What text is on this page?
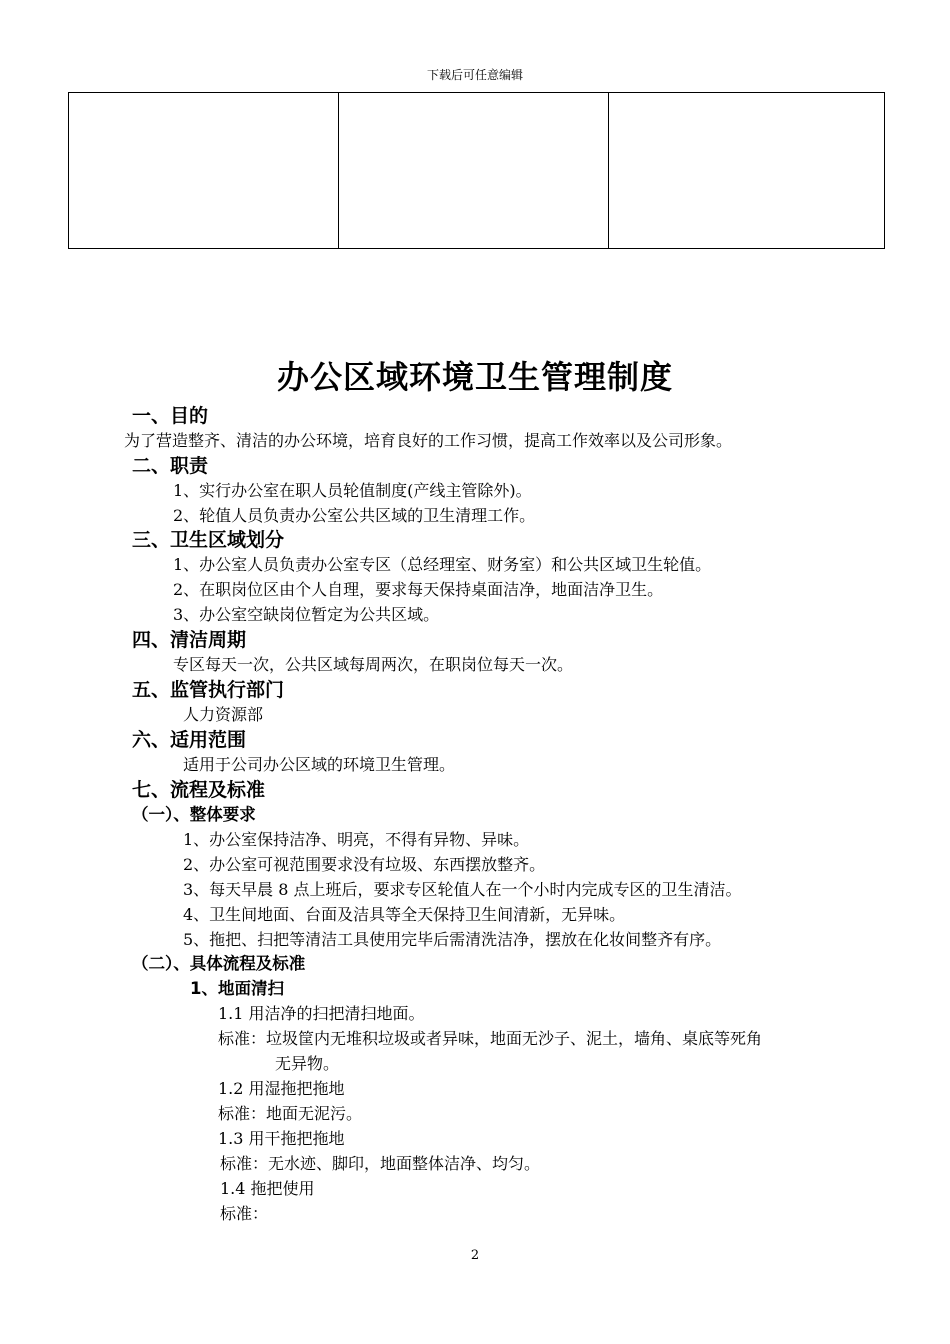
下载后可任意编辑

办公区域环境卫生管理制度
一、目的
为了营造整齐、清洁的办公环境，培育良好的工作习惯，提高工作效率以及公司形象。
二、职责
1、实行办公室在职人员轮值制度(产线主管除外)。
2、轮值人员负责办公室公共区域的卫生清理工作。
三、卫生区域划分
1、办公室人员负责办公室专区（总经理室、财务室）和公共区域卫生轮值。
2、在职岗位区由个人自理，要求每天保持桌面洁净，地面洁净卫生。
3、办公室空缺岗位暂定为公共区域。
四、清洁周期
专区每天一次，公共区域每周两次，在职岗位每天一次。
五、监管执行部门
人力资源部
六、适用范围
适用于公司办公区域的环境卫生管理。
七、流程及标准
（一）、整体要求
1、办公室保持洁净、明亮，不得有异物、异味。
2、办公室可视范围要求没有垃圾、东西摆放整齐。
3、每天早晨 8 点上班后，要求专区轮值人在一个小时内完成专区的卫生清洁。
4、卫生间地面、台面及洁具等全天保持卫生间清新，无异味。
5、拖把、扫把等清洁工具使用完毕后需清洗洁净，摆放在化妆间整齐有序。
（二）、具体流程及标准
1、地面清扫
1.1 用洁净的扫把清扫地面。
标准：垃圾筐内无堆积垃圾或者异味，地面无沙子、泥土，墙角、桌底等死角
无异物。
1.2 用湿拖把拖地
标准：地面无泥污。
1.3 用干拖把拖地
标准：无水迹、脚印，地面整体洁净、均匀。
1.4 拖把使用
标准：
2
